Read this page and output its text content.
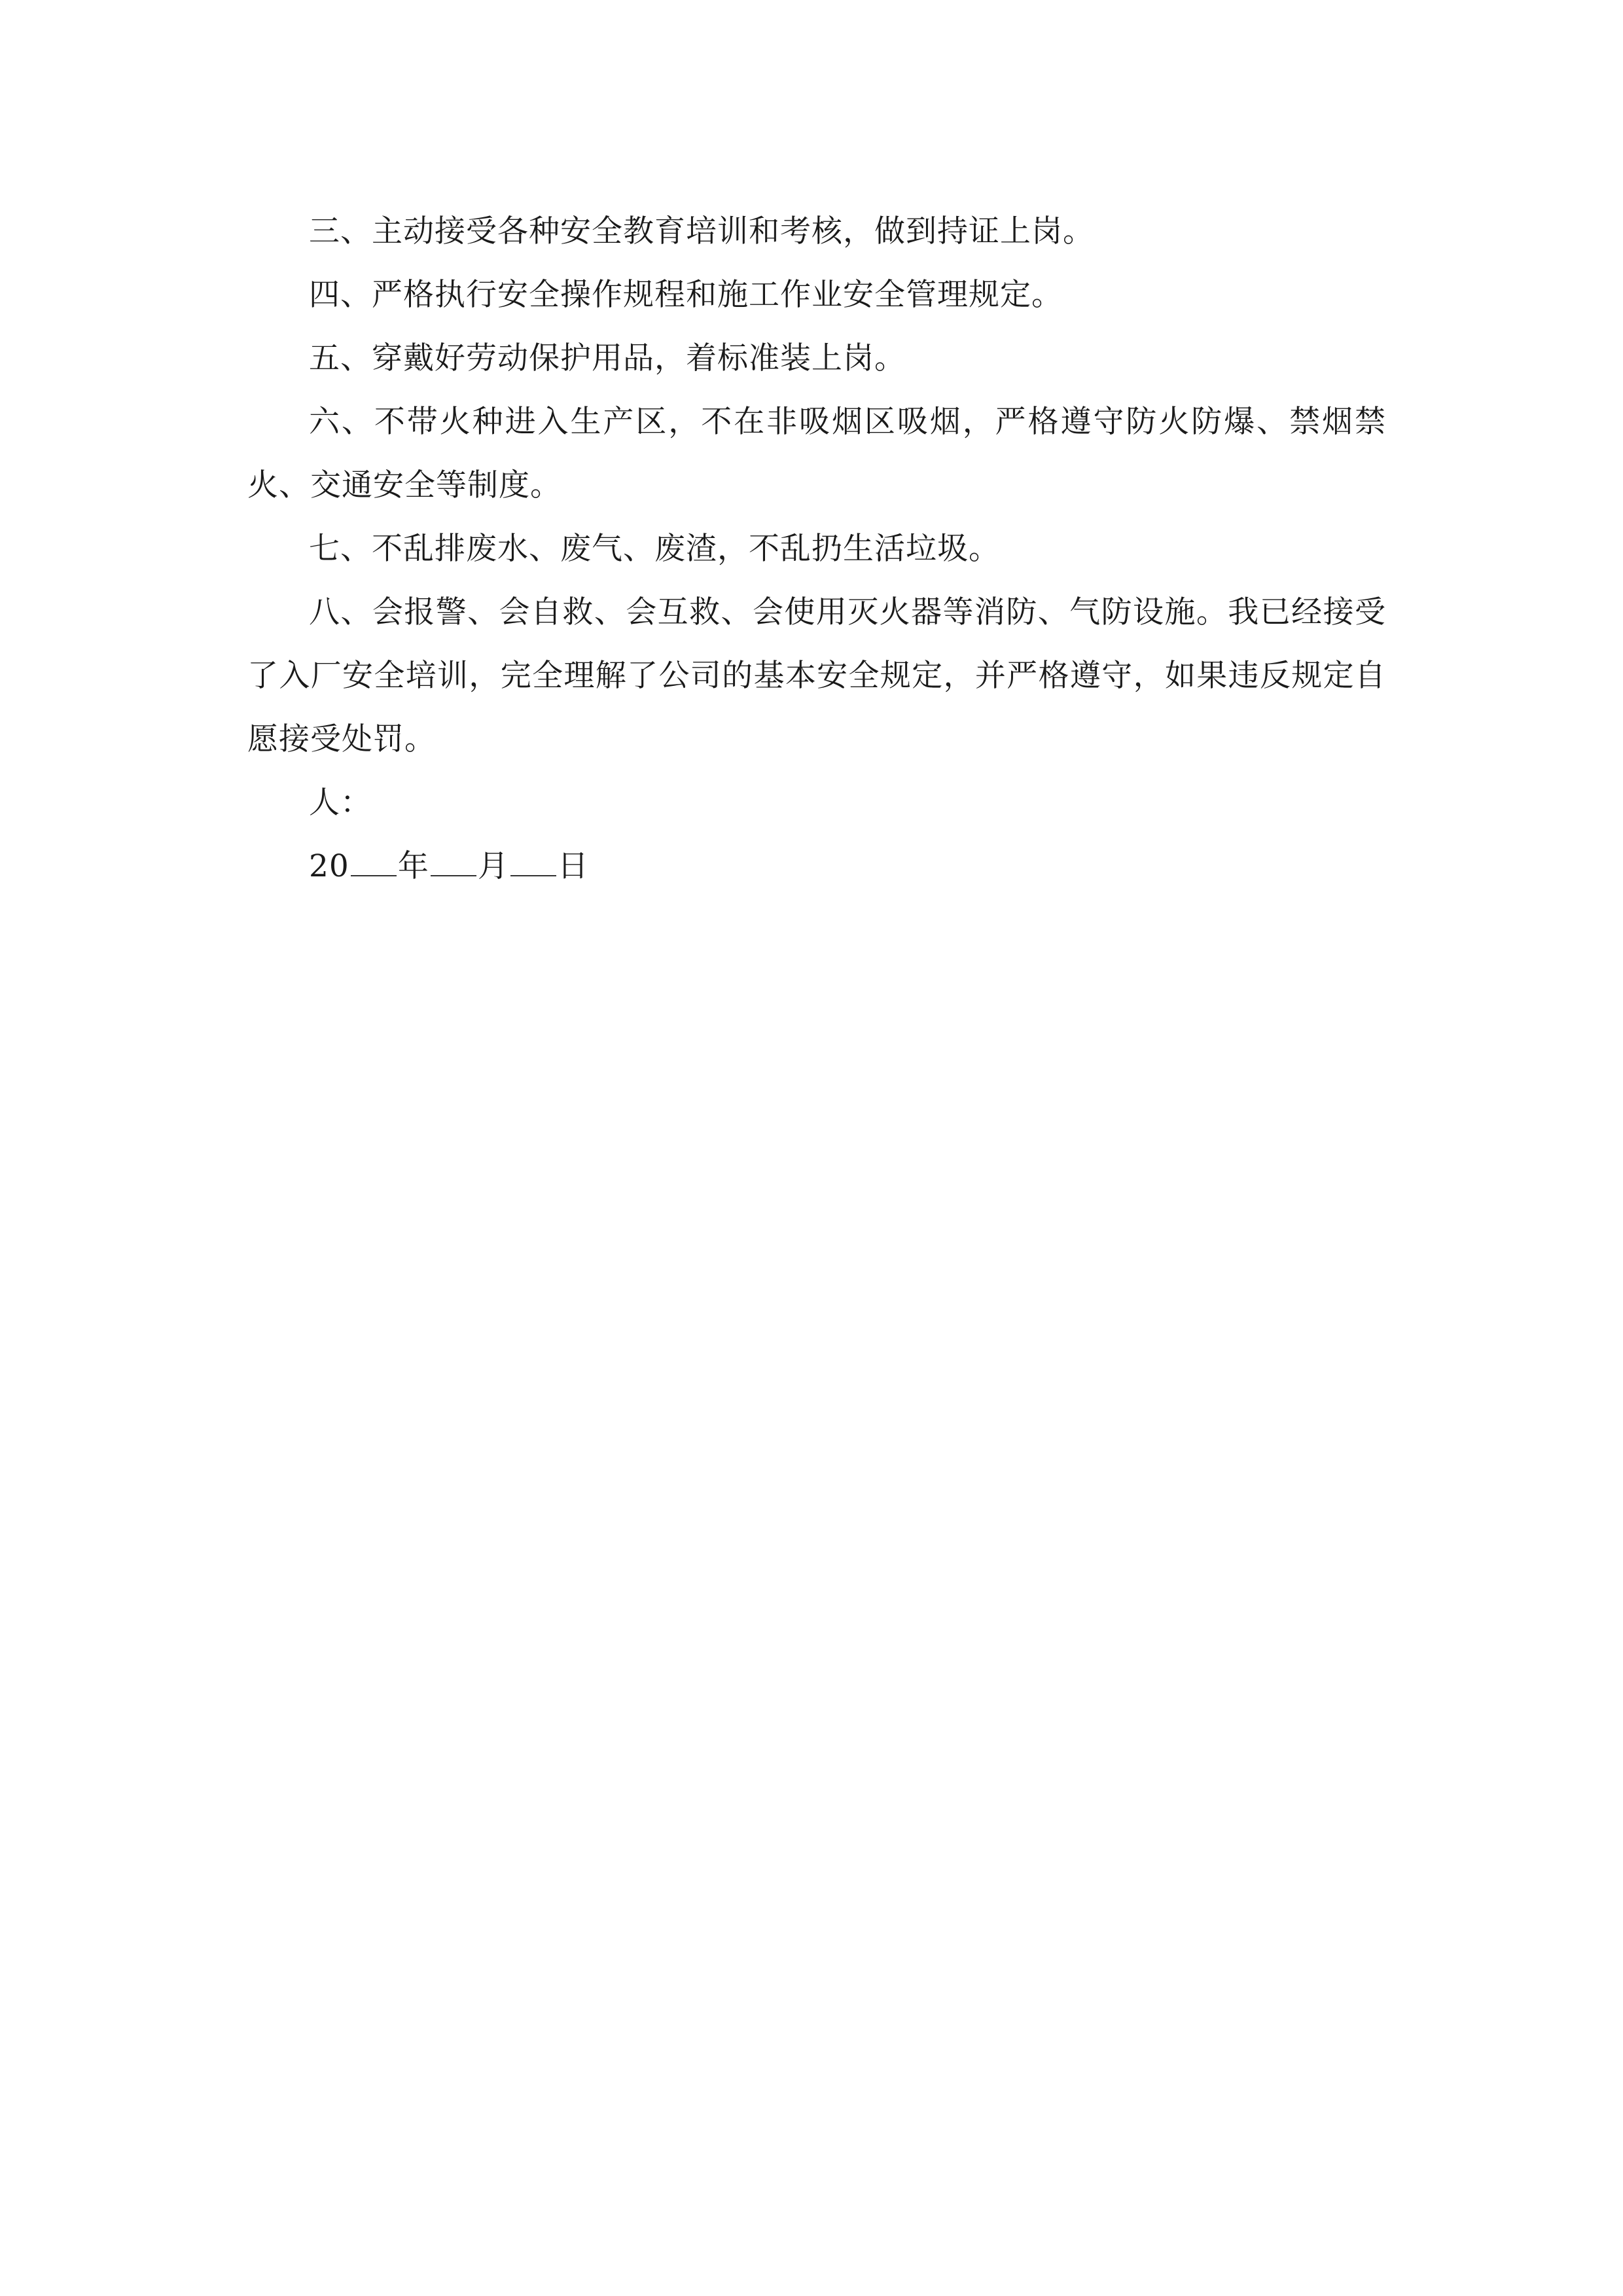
三、主动接受各种安全教育培训和考核，做到持证上岗。

四、严格执行安全操作规程和施工作业安全管理规定。

五、穿戴好劳动保护用品，着标准装上岗。

六、不带火种进入生产区，不在非吸烟区吸烟，严格遵守防火防爆、禁烟禁火、交通安全等制度。

七、不乱排废水、废气、废渣，不乱扔生活垃圾。

八、会报警、会自救、会互救、会使用灭火器等消防、气防设施。我已经接受了入厂安全培训，完全理解了公司的基本安全规定，并严格遵守，如果违反规定自愿接受处罚。

人：

20 年 月 日
